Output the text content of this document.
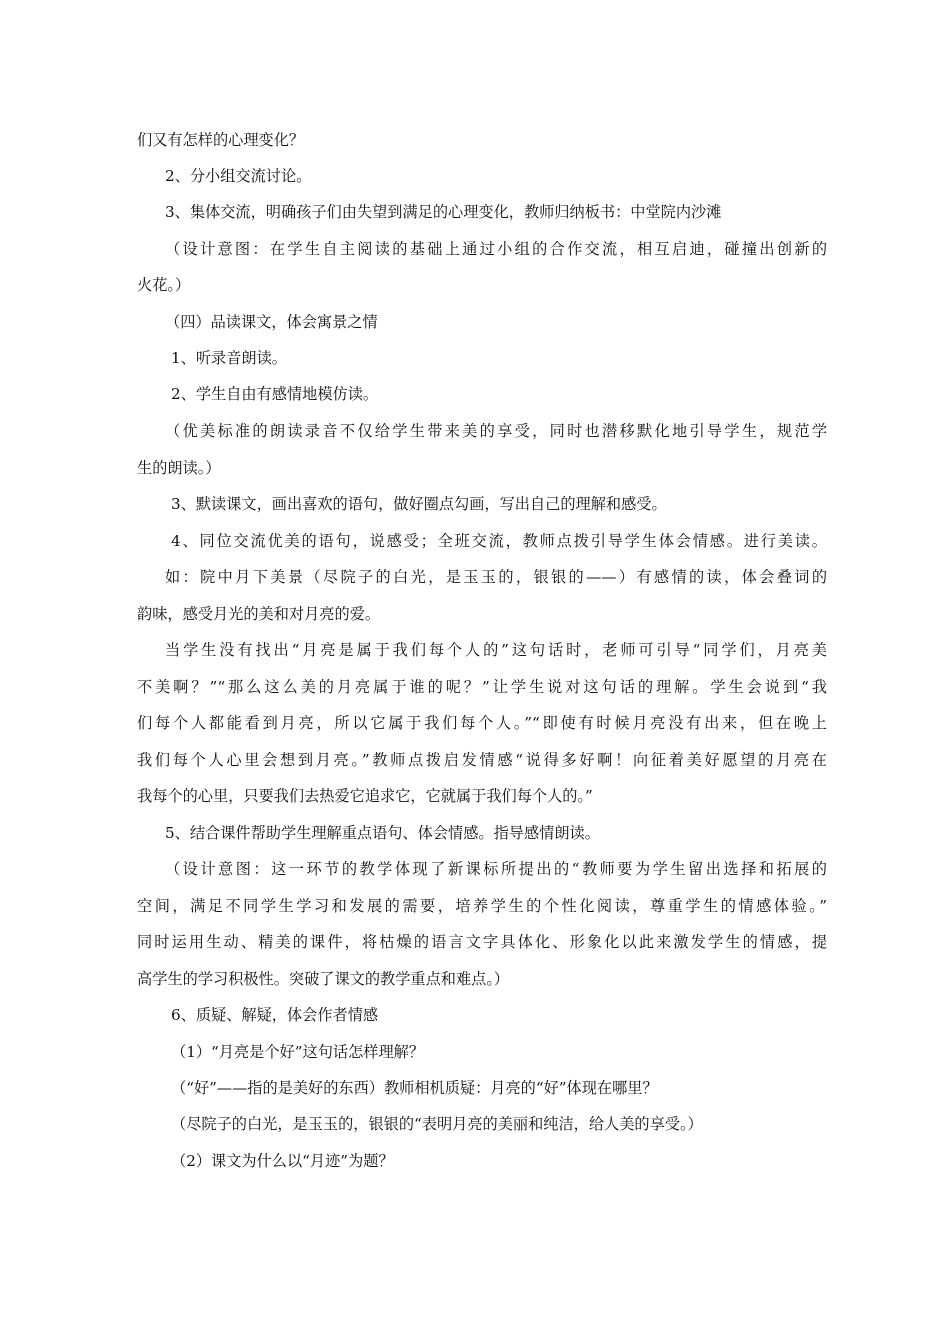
们又有怎样的心理变化？
2、分小组交流讨论。
3、集体交流，明确孩子们由失望到满足的心理变化，教师归纳板书：中堂院内沙滩
（设计意图：在学生自主阅读的基础上通过小组的合作交流，相互启迪，碰撞出创新的
火花。）
（四）品读课文，体会寓景之情
1、听录音朗读。
2、学生自由有感情地模仿读。
（优美标准的朗读录音不仅给学生带来美的享受，同时也潜移默化地引导学生，规范学
生的朗读。）
3、默读课文，画出喜欢的语句，做好圈点勾画，写出自己的理解和感受。
4、同位交流优美的语句，说感受；全班交流，教师点拨引导学生体会情感。进行美读。
如：院中月下美景（尽院子的白光，是玉玉的，银银的——）有感情的读，体会叠词的
韵味，感受月光的美和对月亮的爱。
当学生没有找出“月亮是属于我们每个人的”这句话时，老师可引导“同学们，月亮美
不美啊？”“那么这么美的月亮属于谁的呢？”让学生说对这句话的理解。学生会说到“我
们每个人都能看到月亮，所以它属于我们每个人。”“即使有时候月亮没有出来，但在晚上
我们每个人心里会想到月亮。”教师点拨启发情感“说得多好啊！向征着美好愿望的月亮在
我每个的心里，只要我们去热爱它追求它，它就属于我们每个人的。”
5、结合课件帮助学生理解重点语句、体会情感。指导感情朗读。
（设计意图：这一环节的教学体现了新课标所提出的“教师要为学生留出选择和拓展的
空间，满足不同学生学习和发展的需要，培养学生的个性化阅读，尊重学生的情感体验。”
同时运用生动、精美的课件，将枯燥的语言文字具体化、形象化以此来激发学生的情感，提
高学生的学习积极性。突破了课文的教学重点和难点。）
6、质疑、解疑，体会作者情感
（1）“月亮是个好”这句话怎样理解？
（“好”——指的是美好的东西）教师相机质疑：月亮的“好”体现在哪里？
（尽院子的白光，是玉玉的，银银的“表明月亮的美丽和纯洁，给人美的享受。）
（2）课文为什么以“月迹”为题？
